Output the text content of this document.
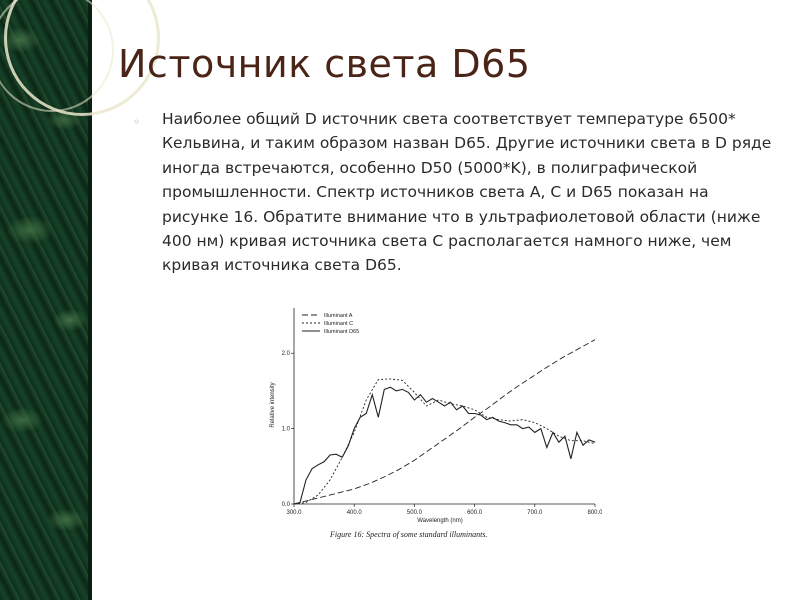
Источник света D65
◦ Наиболее общий D источник света соответствует температуре 6500* Кельвина, и таким образом назван D65. Другие источники света в D ряде иногда встречаются, особенно D50 (5000*K), в полиграфической промышленности. Спектр источников света A, C и D65 показан на рисунке 16. Обратите внимание что в ультрафиолетовой области (ниже 400 нм) кривая источника света C располагается намного ниже, чем кривая источника света D65.

300.0	400.0	500.0	600.0	700.0	800.0
0.0
1.0
2.0
Illuminant A
Illuminant C
Illuminant D65
Wavelength (nm)
Relative intensity
Figure 16: Spectra of some standard illuminants.
